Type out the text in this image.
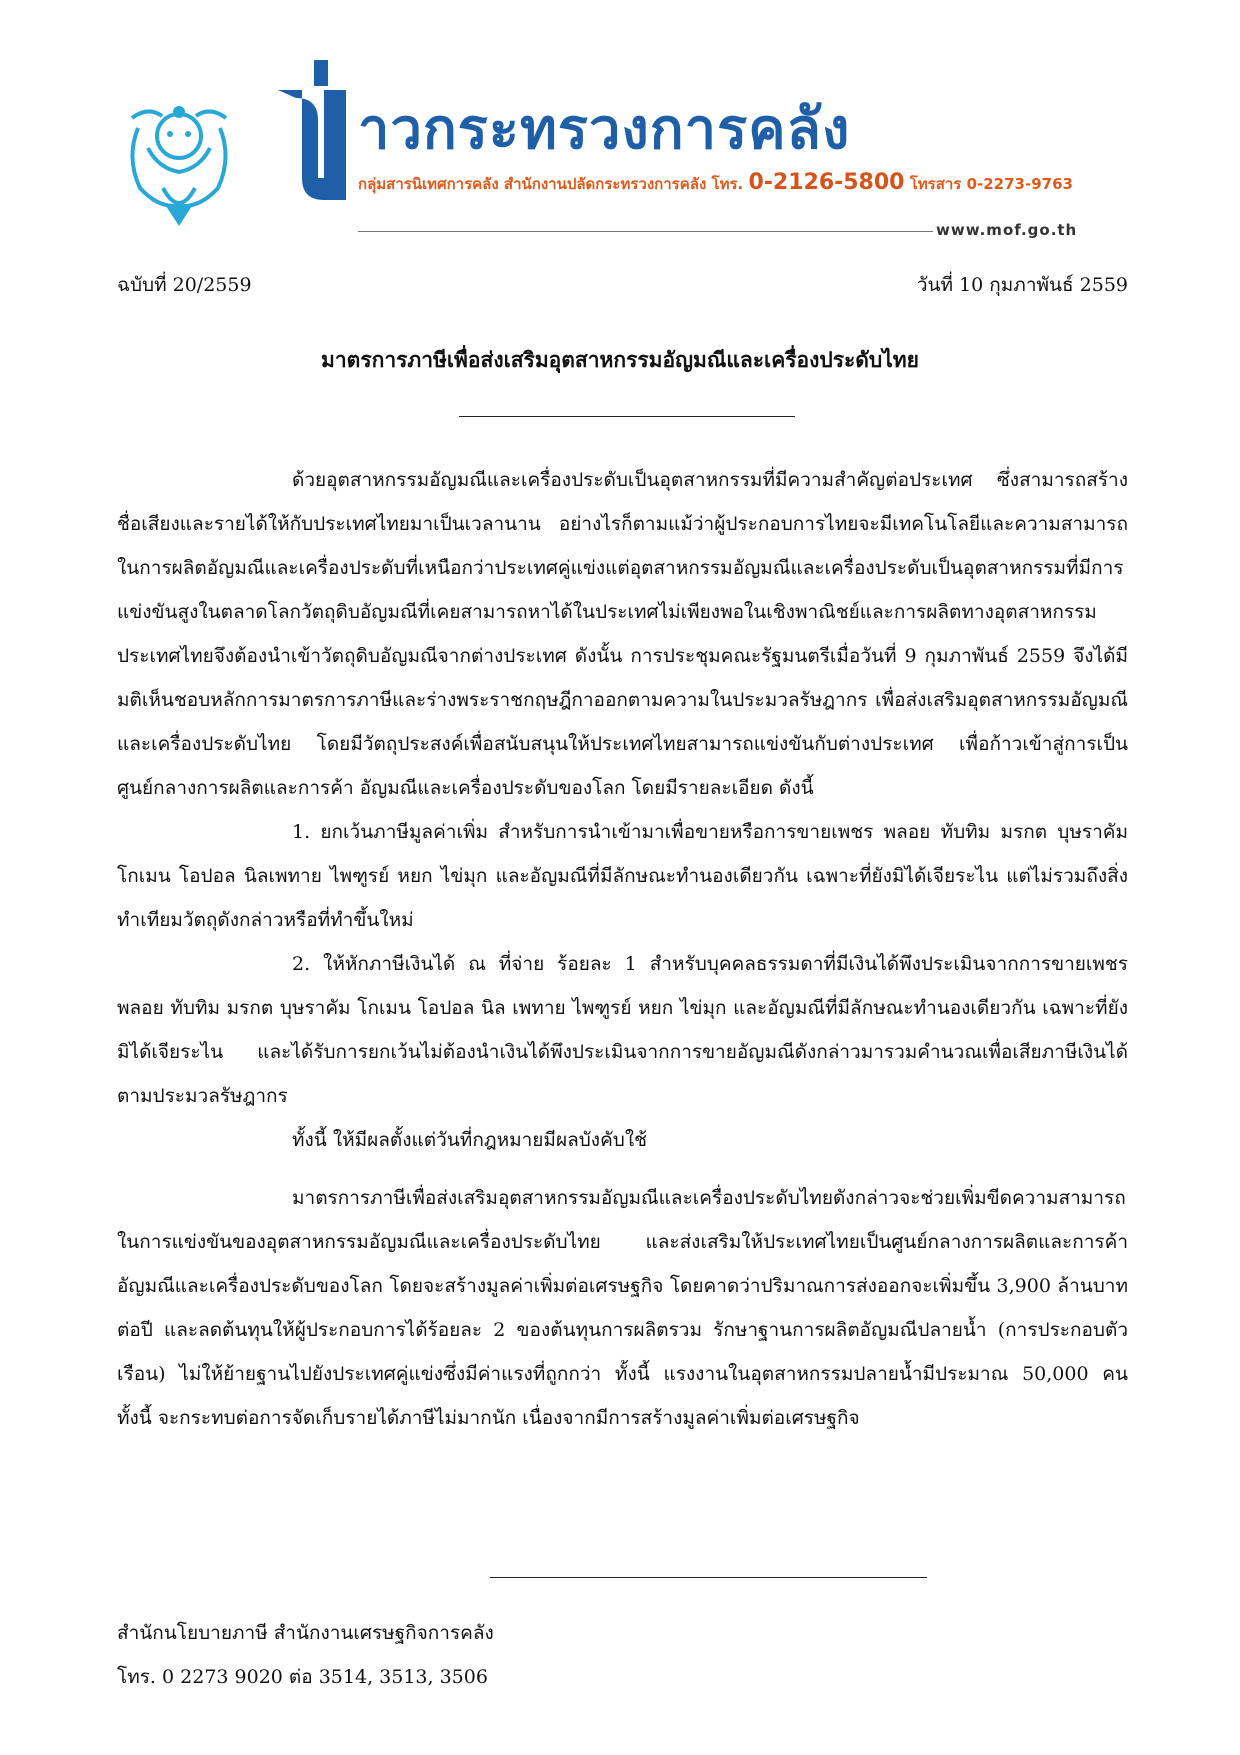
าวกระทรวงการคลัง
กลุ่มสารนิเทศการคลัง สำนักงานปลัดกระทรวงการคลัง โทร. 0-2126-5800 โทรสาร 0-2273-9763
www.mof.go.th
ฉบับที่ 20/2559	วันที่ 10 กุมภาพันธ์ 2559
มาตรการภาษีเพื่อส่งเสริมอุตสาหกรรมอัญมณีและเครื่องประดับไทย

ด้วยอุตสาหกรรมอัญมณีและเครื่องประดับเป็นอุตสาหกรรมที่มีความสำคัญต่อประเทศ ซึ่งสามารถสร้างชื่อเสียงและรายได้ให้กับประเทศไทยมาเป็นเวลานาน อย่างไรก็ตามแม้ว่าผู้ประกอบการไทยจะมีเทคโนโลยีและความสามารถในการผลิตอัญมณีและเครื่องประดับที่เหนือกว่าประเทศคู่แข่งแต่อุตสาหกรรมอัญมณีและเครื่องประดับเป็นอุตสาหกรรมที่มีการแข่งขันสูงในตลาดโลกวัตถุดิบอัญมณีที่เคยสามารถหาได้ในประเทศไม่เพียงพอในเชิงพาณิชย์และการผลิตทางอุตสาหกรรม ประเทศไทยจึงต้องนำเข้าวัตถุดิบอัญมณีจากต่างประเทศ ดังนั้น การประชุมคณะรัฐมนตรีเมื่อวันที่ 9 กุมภาพันธ์ 2559 จึงได้มีมติเห็นชอบหลักการมาตรการภาษีและร่างพระราชกฤษฎีกาออกตามความในประมวลรัษฎากร เพื่อส่งเสริมอุตสาหกรรมอัญมณีและเครื่องประดับไทย โดยมีวัตถุประสงค์เพื่อสนับสนุนให้ประเทศไทยสามารถแข่งขันกับต่างประเทศ เพื่อก้าวเข้าสู่การเป็นศูนย์กลางการผลิตและการค้า อัญมณีและเครื่องประดับของโลก โดยมีรายละเอียด ดังนี้

1. ยกเว้นภาษีมูลค่าเพิ่ม สำหรับการนำเข้ามาเพื่อขายหรือการขายเพชร พลอย ทับทิม มรกต บุษราคัม โกเมน โอปอล นิลเพทาย ไพฑูรย์ หยก ไข่มุก และอัญมณีที่มีลักษณะทำนองเดียวกัน เฉพาะที่ยังมิได้เจียระไน แต่ไม่รวมถึงสิ่งทำเทียมวัตถุดังกล่าวหรือที่ทำขึ้นใหม่

2. ให้หักภาษีเงินได้ ณ ที่จ่าย ร้อยละ 1 สำหรับบุคคลธรรมดาที่มีเงินได้พึงประเมินจากการขายเพชร พลอย ทับทิม มรกต บุษราคัม โกเมน โอปอล นิล เพทาย ไพฑูรย์ หยก ไข่มุก และอัญมณีที่มีลักษณะทำนองเดียวกัน เฉพาะที่ยังมิได้เจียระไน และได้รับการยกเว้นไม่ต้องนำเงินได้พึงประเมินจากการขายอัญมณีดังกล่าวมารวมคำนวณเพื่อเสียภาษีเงินได้ตามประมวลรัษฎากร

ทั้งนี้ ให้มีผลตั้งแต่วันที่กฎหมายมีผลบังคับใช้

มาตรการภาษีเพื่อส่งเสริมอุตสาหกรรมอัญมณีและเครื่องประดับไทยดังกล่าวจะช่วยเพิ่มขีดความสามารถในการแข่งขันของอุตสาหกรรมอัญมณีและเครื่องประดับไทย และส่งเสริมให้ประเทศไทยเป็นศูนย์กลางการผลิตและการค้าอัญมณีและเครื่องประดับของโลก โดยจะสร้างมูลค่าเพิ่มต่อเศรษฐกิจ โดยคาดว่าปริมาณการส่งออกจะเพิ่มขึ้น 3,900 ล้านบาทต่อปี และลดต้นทุนให้ผู้ประกอบการได้ร้อยละ 2 ของต้นทุนการผลิตรวม รักษาฐานการผลิตอัญมณีปลายน้ำ (การประกอบตัวเรือน) ไม่ให้ย้ายฐานไปยังประเทศคู่แข่งซึ่งมีค่าแรงที่ถูกกว่า ทั้งนี้ แรงงานในอุตสาหกรรมปลายน้ำมีประมาณ 50,000 คน ทั้งนี้ จะกระทบต่อการจัดเก็บรายได้ภาษีไม่มากนัก เนื่องจากมีการสร้างมูลค่าเพิ่มต่อเศรษฐกิจ

สำนักนโยบายภาษี สำนักงานเศรษฐกิจการคลัง
โทร. 0 2273 9020 ต่อ 3514, 3513, 3506
